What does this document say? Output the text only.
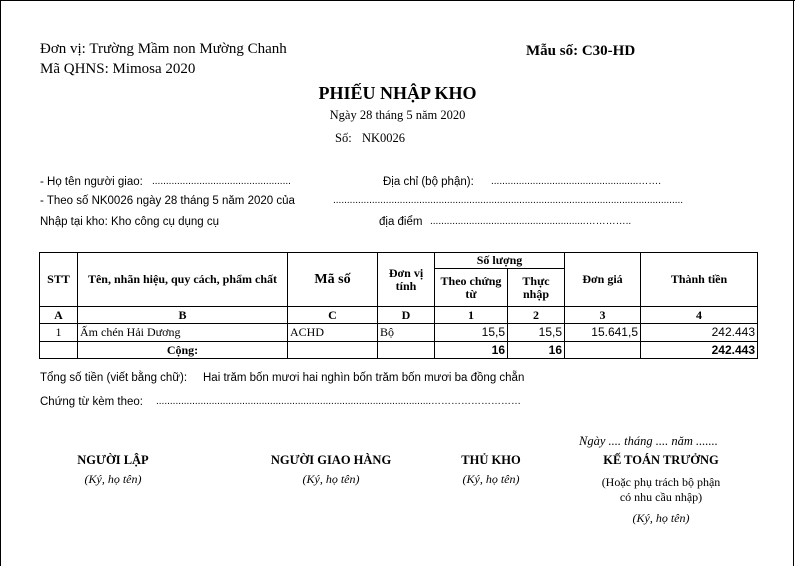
Đơn vị: Trường Mầm non Mường Chanh
Mã QHNS: Mimosa 2020
Mẫu số: C30-HD
PHIẾU NHẬP KHO
Ngày 28 tháng 5 năm 2020
Số: NK0026
- Họ tên người giao: ..................................................	Địa chỉ (bộ phận): .....................................................…….
- Theo số NK0026 ngày 28 tháng 5 năm 2020 của	..............................................................................................................................
Nhập tại kho: Kho công cụ dụng cụ	địa điểm ........................................................…………..
STT	Tên, nhãn hiệu, quy cách, phẩm chất	Mã số	Đơn vị tính	Số lượng		Đơn giá	Thành tiền
				Theo chứng từ	Thực nhập		
A	B	C	D	1	2	3	4
1	Ấm chén Hải Dương	ACHD	Bộ	15,5	15,5	15.641,5	242.443
	Cộng:			16	16		242.443
Tổng số tiền (viết bằng chữ): Hai trăm bốn mươi hai nghìn bốn trăm bốn mươi ba đồng chẵn
Chứng từ kèm theo: ...................................................................................................………………………
Ngày .... tháng .... năm .......
NGƯỜI LẬP
(Ký, họ tên)
NGƯỜI GIAO HÀNG
(Ký, họ tên)
THỦ KHO
(Ký, họ tên)
KẾ TOÁN TRƯỞNG
(Hoặc phụ trách bộ phận
có nhu cầu nhập)
(Ký, họ tên)
